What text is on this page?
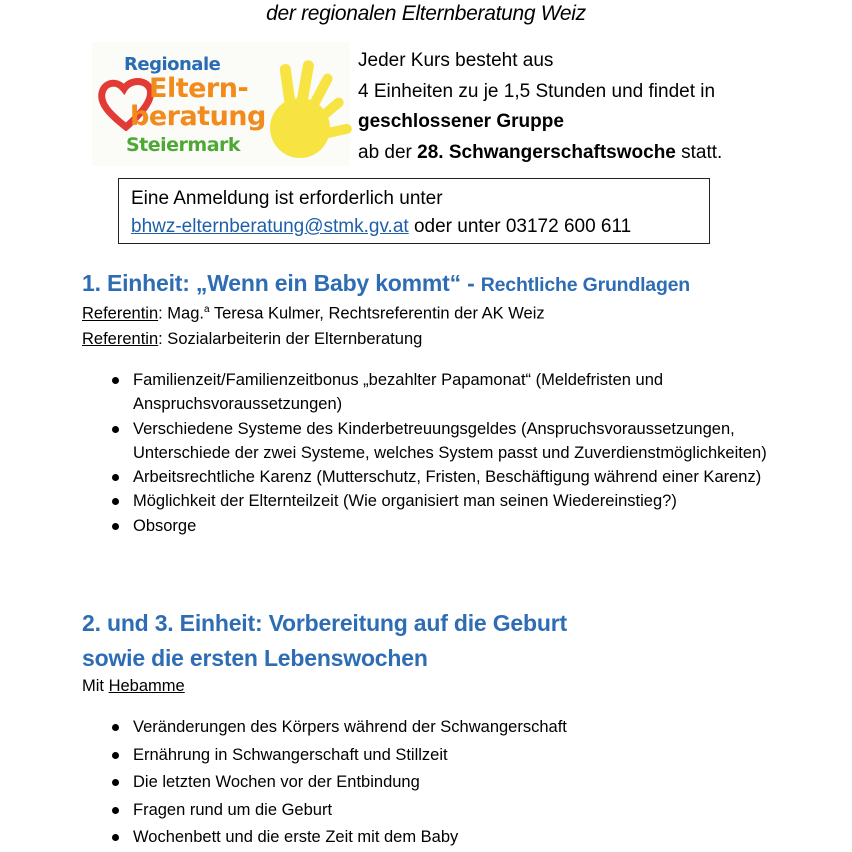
der regionalen Elternberatung Weiz
Regionale
Eltern-
beratung
Steiermark
Jeder Kurs besteht aus
4 Einheiten zu je 1,5 Stunden und findet in
geschlossener Gruppe
ab der 28. Schwangerschaftswoche statt.
Eine Anmeldung ist erforderlich unter
bhwz-elternberatung@stmk.gv.at oder unter 03172 600 611
1. Einheit: „Wenn ein Baby kommt“ - Rechtliche Grundlagen
Referentin: Mag.$^a$ Teresa Kulmer, Rechtsreferentin der AK Weiz
Referentin: Sozialarbeiterin der Elternberatung
Familienzeit/Familienzeitbonus „bezahlter Papamonat“ (Meldefristen und Anspruchsvoraussetzungen)
Verschiedene Systeme des Kinderbetreuungsgeldes (Anspruchsvoraussetzungen, Unterschiede der zwei Systeme, welches System passt und Zuverdienstmöglichkeiten)
Arbeitsrechtliche Karenz (Mutterschutz, Fristen, Beschäftigung während einer Karenz)
Möglichkeit der Elternteilzeit (Wie organisiert man seinen Wiedereinstieg?)
Obsorge
2. und 3. Einheit: Vorbereitung auf die Geburt
sowie die ersten Lebenswochen
Mit Hebamme
Veränderungen des Körpers während der Schwangerschaft
Ernährung in Schwangerschaft und Stillzeit
Die letzten Wochen vor der Entbindung
Fragen rund um die Geburt
Wochenbett und die erste Zeit mit dem Baby
